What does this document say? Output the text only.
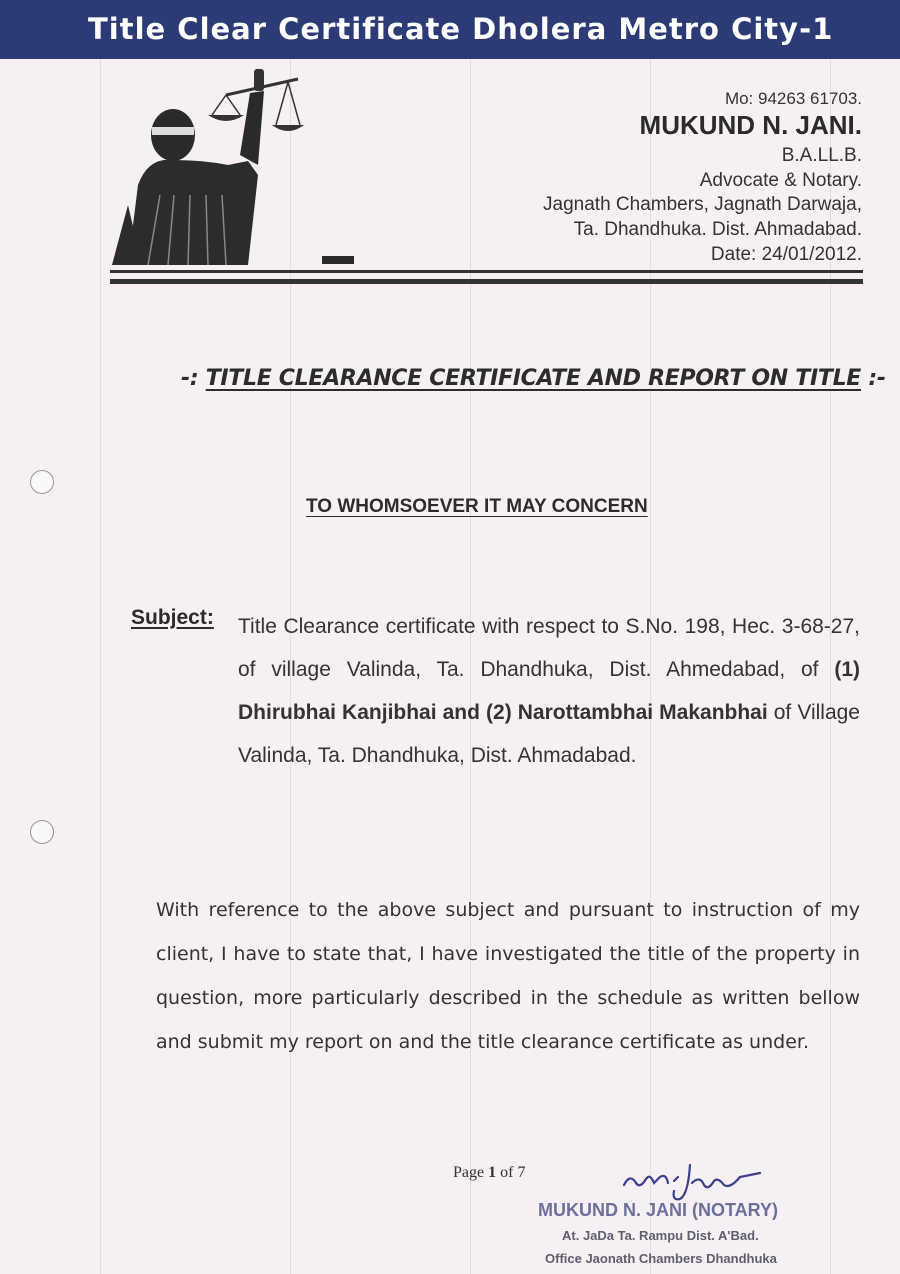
Title Clear Certificate Dholera Metro City-1
Mo: 94263 61703.
MUKUND N. JANI.
B.A.LL.B.
Advocate & Notary.
Jagnath Chambers, Jagnath Darwaja,
Ta. Dhandhuka. Dist. Ahmadabad.
Date: 24/01/2012.
-: TITLE CLEARANCE CERTIFICATE AND REPORT ON TITLE :-
TO WHOMSOEVER IT MAY CONCERN
Subject: Title Clearance certificate with respect to S.No. 198, Hec. 3-68-27, of village Valinda, Ta. Dhandhuka, Dist. Ahmedabad, of (1) Dhirubhai Kanjibhai and (2) Narottambhai Makanbhai of Village Valinda, Ta. Dhandhuka, Dist. Ahmadabad.
With reference to the above subject and pursuant to instruction of my client, I have to state that, I have investigated the title of the property in question, more particularly described in the schedule as written bellow and submit my report on and the title clearance certificate as under.
Page 1 of 7
MUKUND N. JANI (NOTARY)
At. JaDa Ta. Rampu Dist. A'Bad.
Office Jaonath Chambers Dhandhuka
